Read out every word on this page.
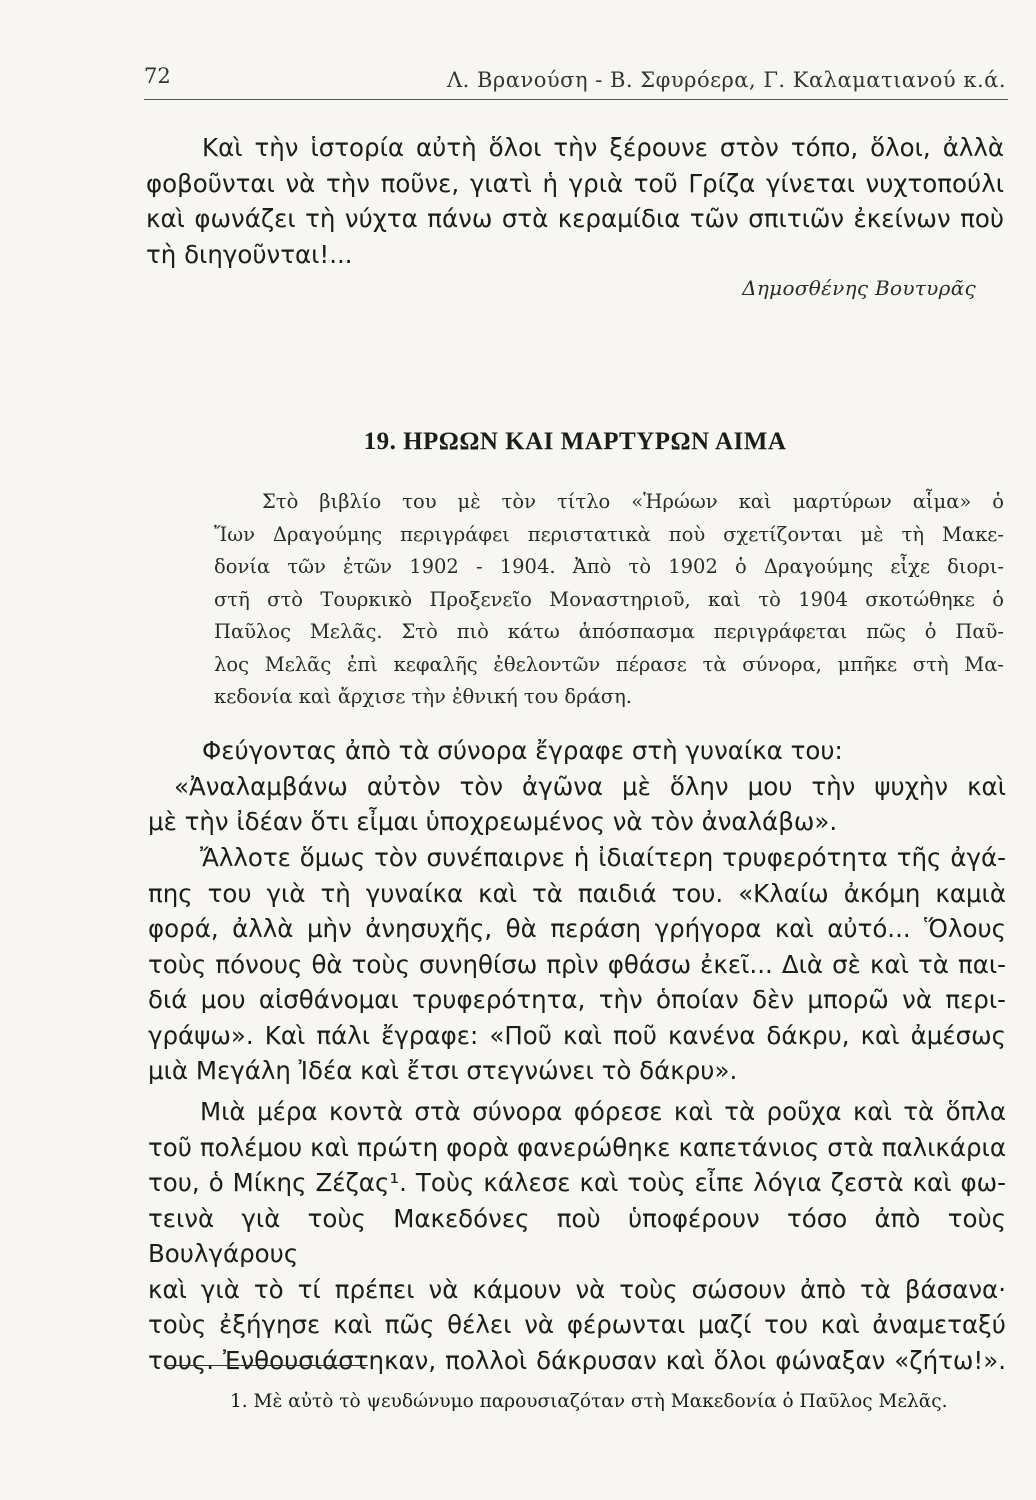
72	Λ. Βρανούση - Β. Σφυρόερα, Γ. Καλαματιανού κ.ά.
Καὶ τὴν ἱστορία αὐτὴ ὅλοι τὴν ξέρουνε στὸν τόπο, ὅλοι, ἀλλὰ
φοβοῦνται νὰ τὴν ποῦνε, γιατὶ ἡ γριὰ τοῦ Γρίζα γίνεται νυχτοπούλι
καὶ φωνάζει τὴ νύχτα πάνω στὰ κεραμίδια τῶν σπιτιῶν ἐκείνων ποὺ
τὴ διηγοῦνται!...
Δημοσθένης Βουτυρᾶς
19. ΗΡΩΩΝ ΚΑΙ ΜΑΡΤΥΡΩΝ ΑΙΜΑ
Στὸ βιβλίο του μὲ τὸν τίτλο «Ἡρώων καὶ μαρτύρων αἷμα» ὁ
Ἴων Δραγούμης περιγράφει περιστατικὰ ποὺ σχετίζονται μὲ τὴ Μακε-
δονία τῶν ἐτῶν 1902 - 1904. Ἀπὸ τὸ 1902 ὁ Δραγούμης εἶχε διορι-
στῆ στὸ Τουρκικὸ Προξενεῖο Μοναστηριοῦ, καὶ τὸ 1904 σκοτώθηκε ὁ
Παῦλος Μελᾶς. Στὸ πιὸ κάτω ἀπόσπασμα περιγράφεται πῶς ὁ Παῦ-
λος Μελᾶς ἐπὶ κεφαλῆς ἐθελοντῶν πέρασε τὰ σύνορα, μπῆκε στὴ Μα-
κεδονία καὶ ἄρχισε τὴν ἐθνική του δράση.
Φεύγοντας ἀπὸ τὰ σύνορα ἔγραφε στὴ γυναίκα του:
«Ἀναλαμβάνω αὐτὸν τὸν ἀγῶνα μὲ ὅλην μου τὴν ψυχὴν καὶ
μὲ τὴν ἰδέαν ὅτι εἶμαι ὑποχρεωμένος νὰ τὸν ἀναλάβω».
Ἄλλοτε ὅμως τὸν συνέπαιρνε ἡ ἰδιαίτερη τρυφερότητα τῆς ἀγά-
πης του γιὰ τὴ γυναίκα καὶ τὰ παιδιά του. «Κλαίω ἀκόμη καμιὰ
φορά, ἀλλὰ μὴν ἀνησυχῆς, θὰ περάση γρήγορα καὶ αὐτό... Ὅλους
τοὺς πόνους θὰ τοὺς συνηθίσω πρὶν φθάσω ἐκεῖ... Διὰ σὲ καὶ τὰ παι-
διά μου αἰσθάνομαι τρυφερότητα, τὴν ὁποίαν δὲν μπορῶ νὰ περι-
γράψω». Καὶ πάλι ἔγραφε: «Ποῦ καὶ ποῦ κανένα δάκρυ, καὶ ἀμέσως
μιὰ Μεγάλη Ἰδέα καὶ ἔτσι στεγνώνει τὸ δάκρυ».
Μιὰ μέρα κοντὰ στὰ σύνορα φόρεσε καὶ τὰ ροῦχα καὶ τὰ ὅπλα
τοῦ πολέμου καὶ πρώτη φορὰ φανερώθηκε καπετάνιος στὰ παλικάρια
του, ὁ Μίκης Ζέζας¹. Τοὺς κάλεσε καὶ τοὺς εἶπε λόγια ζεστὰ καὶ φω-
τεινὰ γιὰ τοὺς Μακεδόνες ποὺ ὑποφέρουν τόσο ἀπὸ τοὺς Βουλγάρους
καὶ γιὰ τὸ τί πρέπει νὰ κάμουν νὰ τοὺς σώσουν ἀπὸ τὰ βάσανα·
τοὺς ἐξήγησε καὶ πῶς θέλει νὰ φέρωνται μαζί του καὶ ἀναμεταξύ
τους. Ἐνθουσιάστηκαν, πολλοὶ δάκρυσαν καὶ ὅλοι φώναξαν «ζήτω!».
1. Μὲ αὐτὸ τὸ ψευδώνυμο παρουσιαζόταν στὴ Μακεδονία ὁ Παῦλος Μελᾶς.
